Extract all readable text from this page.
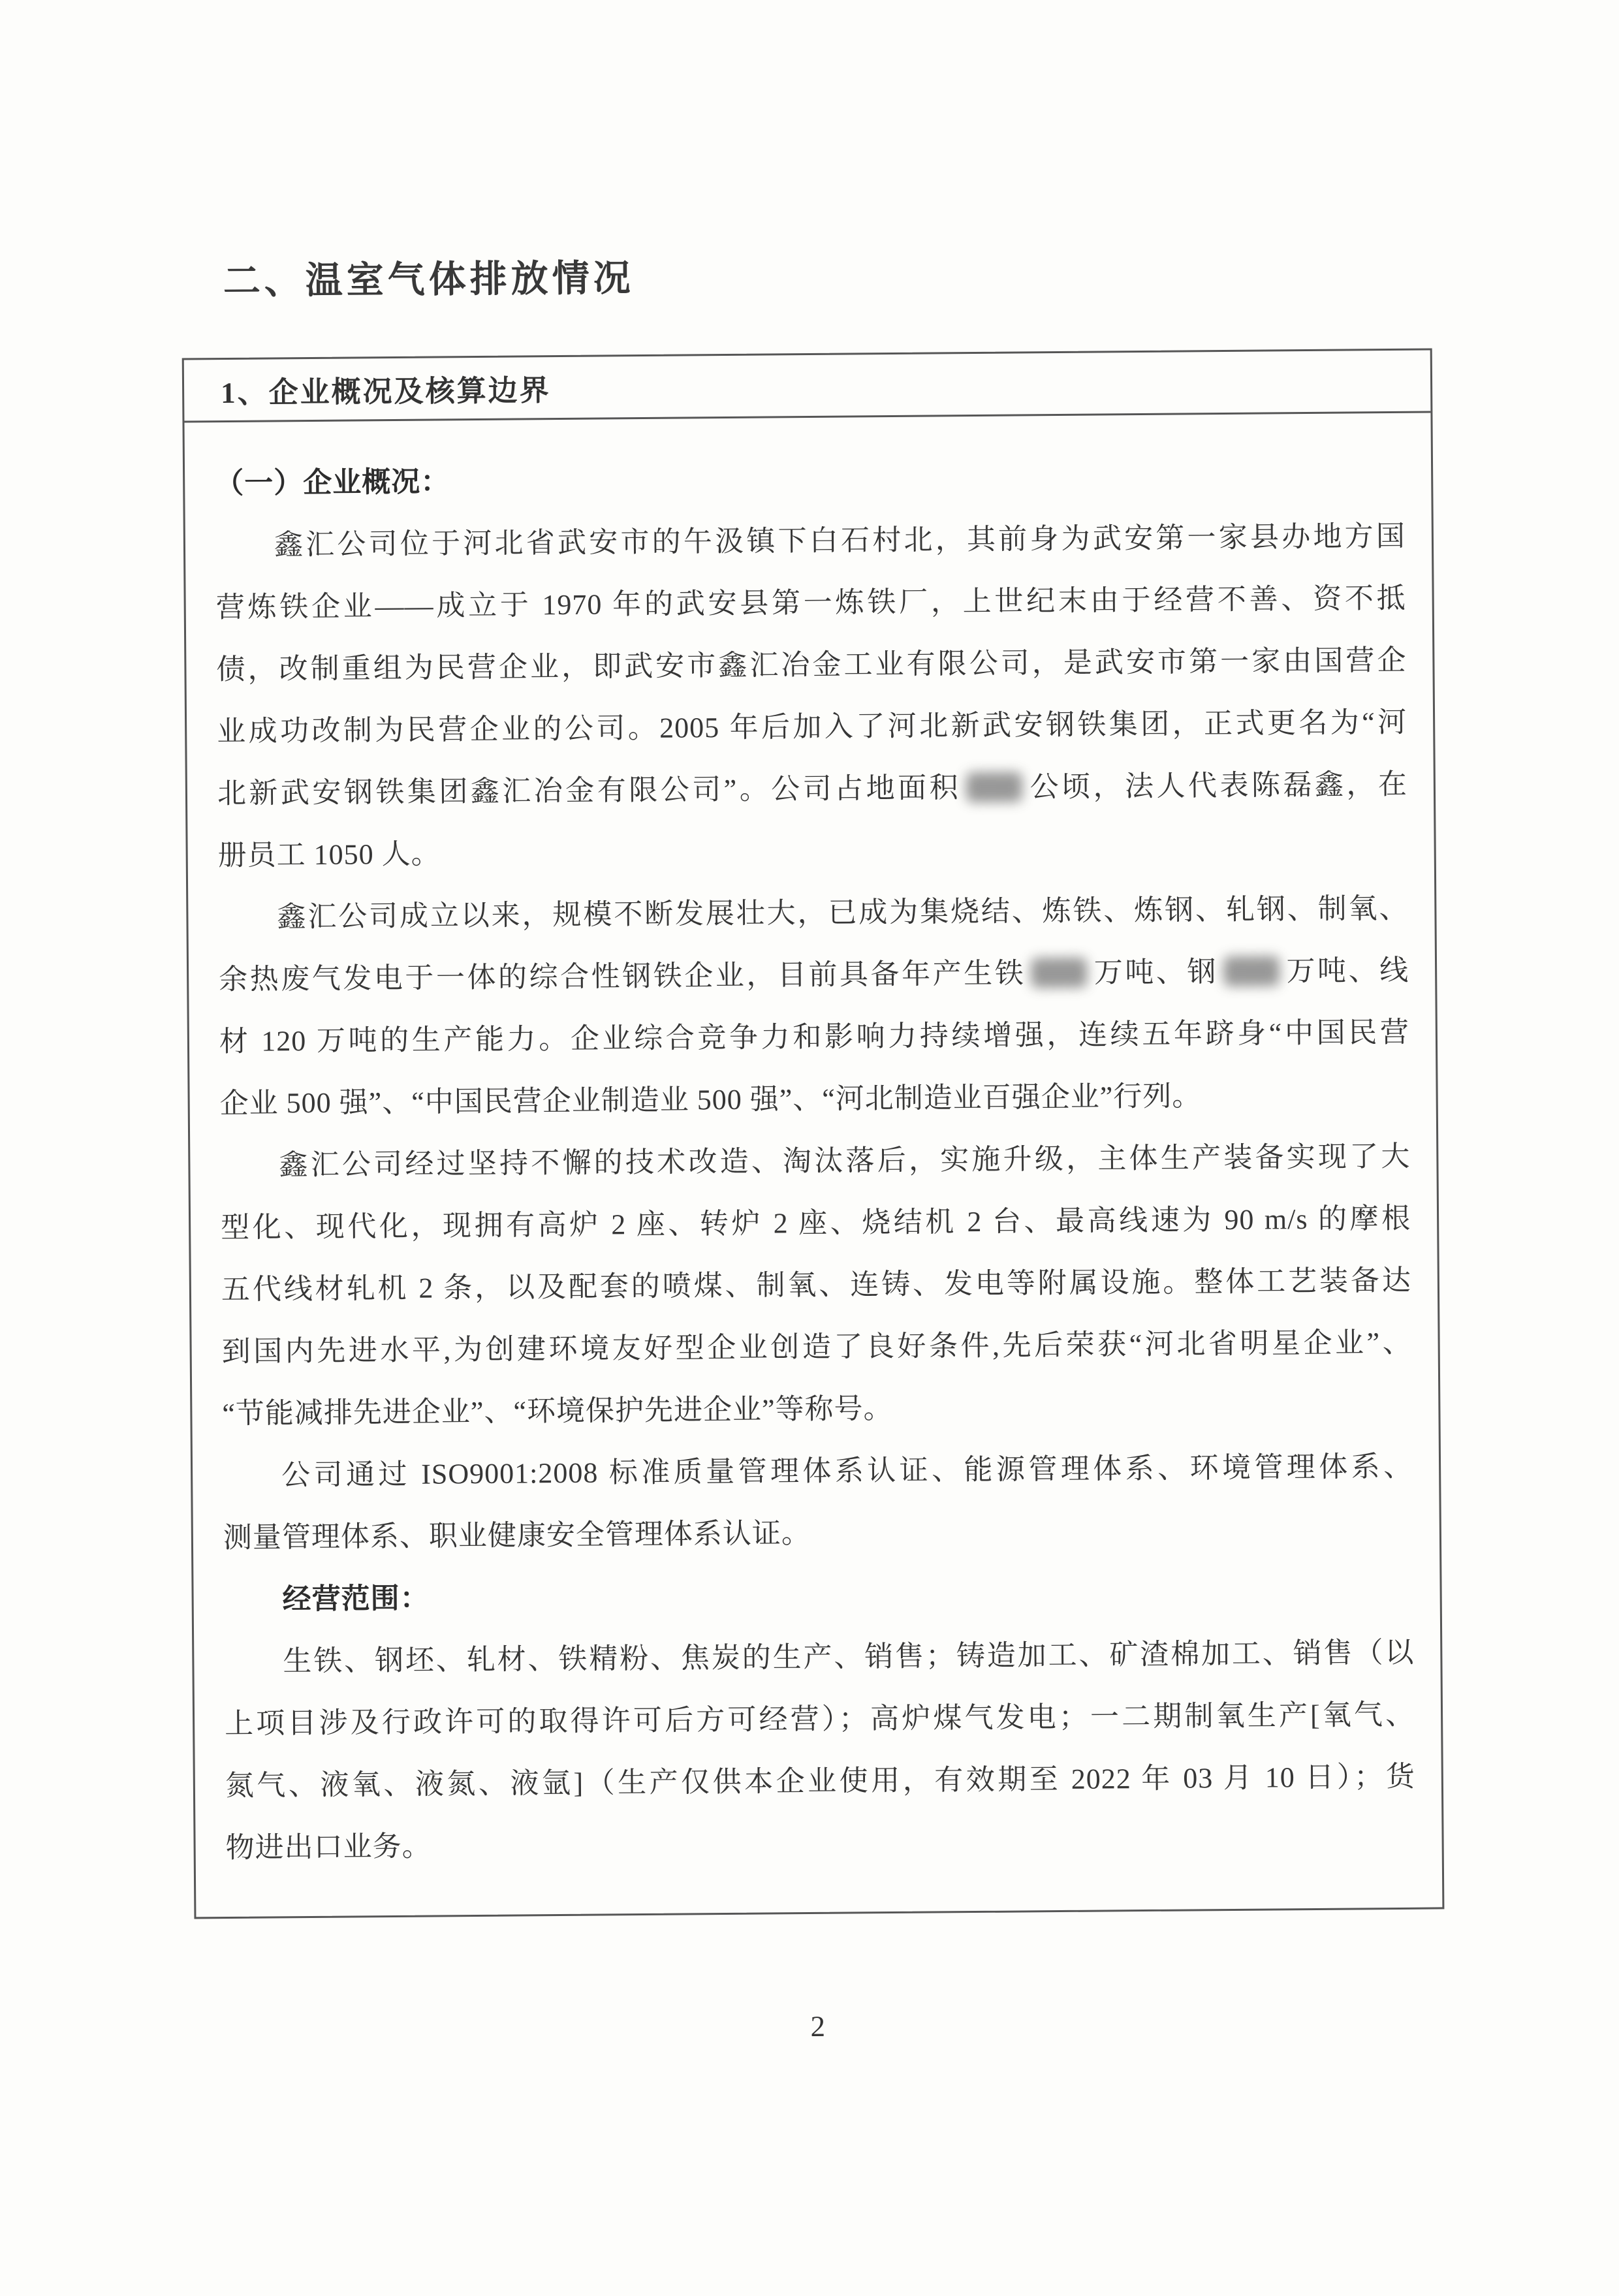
二、温室气体排放情况
1、企业概况及核算边界
（一）企业概况：
鑫汇公司位于河北省武安市的午汲镇下白石村北，其前身为武安第一家县办地方国
营炼铁企业——成立于 1970 年的武安县第一炼铁厂，上世纪末由于经营不善、资不抵
债，改制重组为民营企业，即武安市鑫汇冶金工业有限公司，是武安市第一家由国营企
业成功改制为民营企业的公司。2005 年后加入了河北新武安钢铁集团，正式更名为“河
北新武安钢铁集团鑫汇冶金有限公司”。公司占地面积 公顷，法人代表陈磊鑫，在
册员工 1050 人。
鑫汇公司成立以来，规模不断发展壮大，已成为集烧结、炼铁、炼钢、轧钢、制氧、
余热废气发电于一体的综合性钢铁企业，目前具备年产生铁 万吨、钢 万吨、线
材 120 万吨的生产能力。企业综合竞争力和影响力持续增强，连续五年跻身“中国民营
企业 500 强”、“中国民营企业制造业 500 强”、“河北制造业百强企业”行列。
鑫汇公司经过坚持不懈的技术改造、淘汰落后，实施升级，主体生产装备实现了大
型化、现代化，现拥有高炉 2 座、转炉 2 座、烧结机 2 台、最高线速为 90 m/s 的摩根
五代线材轧机 2 条，以及配套的喷煤、制氧、连铸、发电等附属设施。整体工艺装备达
到国内先进水平,为创建环境友好型企业创造了良好条件,先后荣获“河北省明星企业”、
“节能减排先进企业”、“环境保护先进企业”等称号。
公司通过 ISO9001:2008 标准质量管理体系认证、能源管理体系、环境管理体系、
测量管理体系、职业健康安全管理体系认证。
经营范围：
生铁、钢坯、轧材、铁精粉、焦炭的生产、销售；铸造加工、矿渣棉加工、销售（以
上项目涉及行政许可的取得许可后方可经营）；高炉煤气发电；一二期制氧生产[氧气、
氮气、液氧、液氮、液氩]（生产仅供本企业使用，有效期至 2022 年 03 月 10 日）；货
物进出口业务。
2
